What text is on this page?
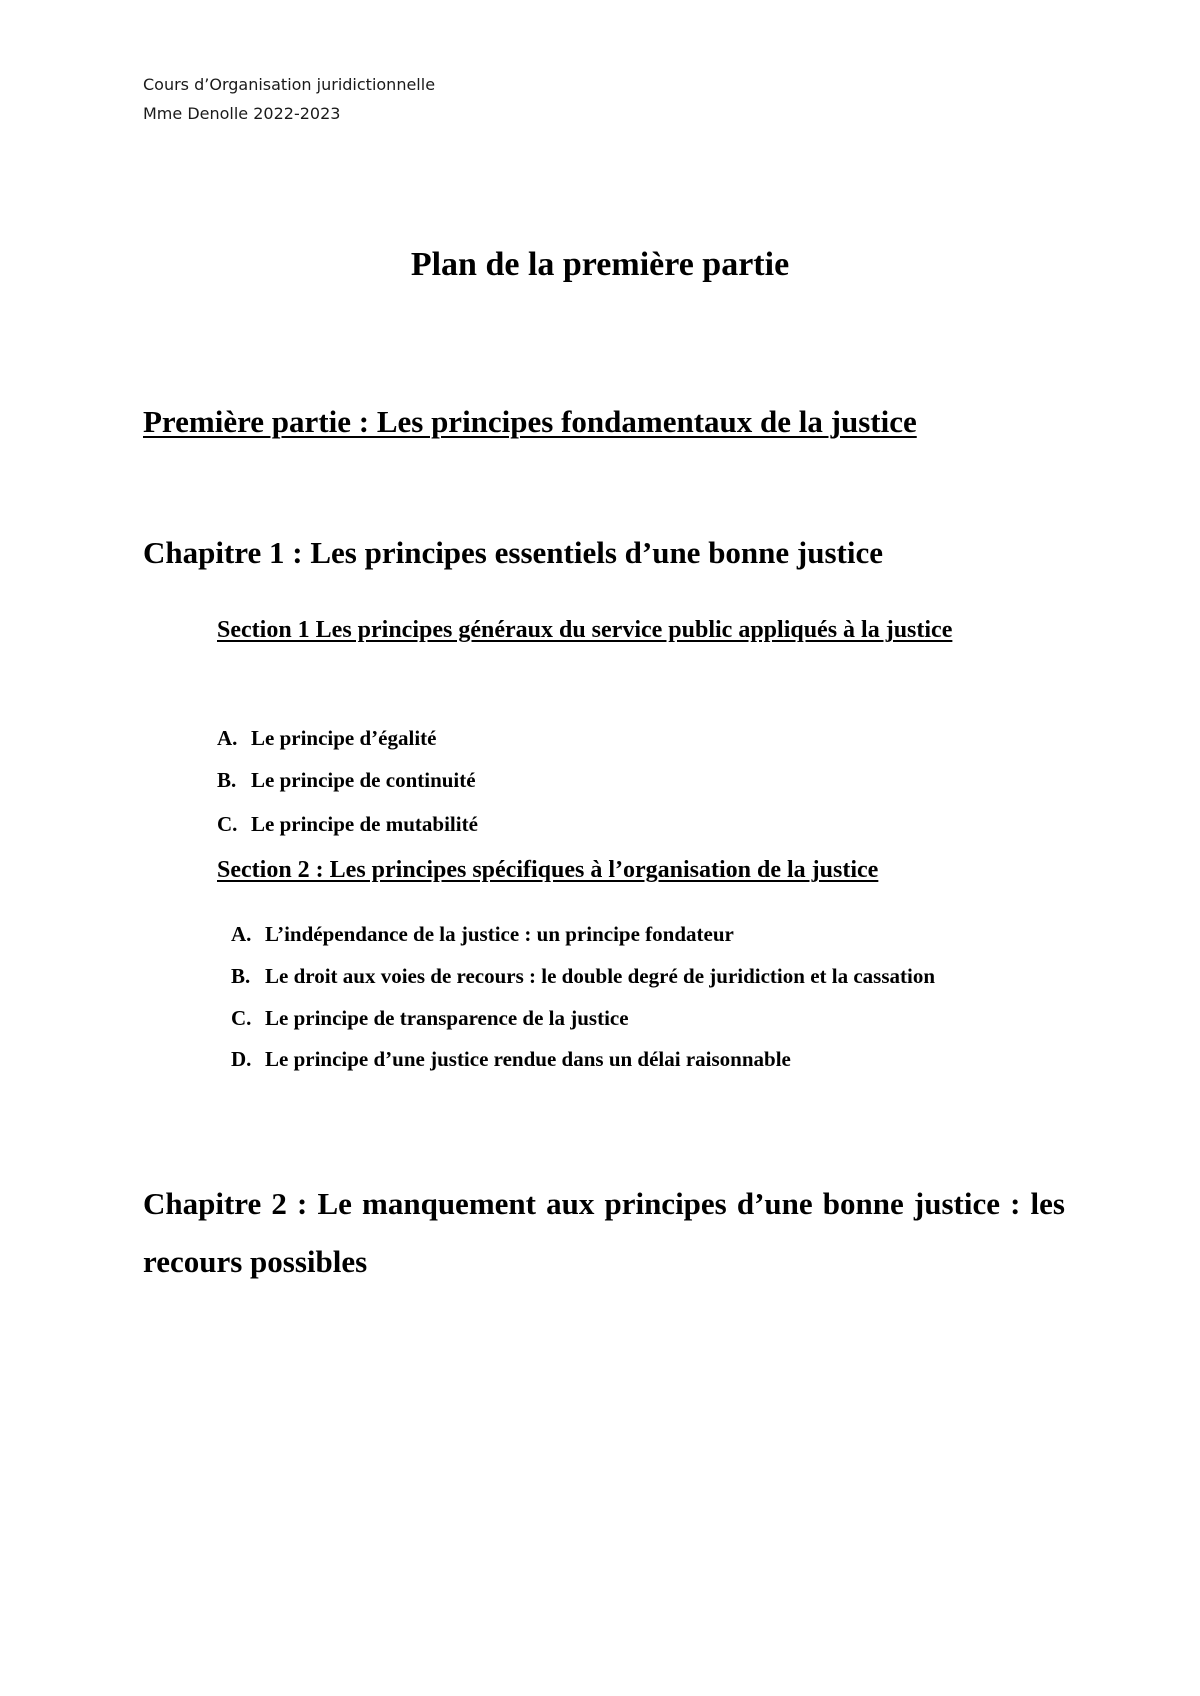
Cours d’Organisation juridictionnelle
Mme Denolle 2022-2023
Plan de la première partie
Première partie : Les principes fondamentaux de la justice
Chapitre 1 : Les principes essentiels d’une bonne justice
Section 1 Les principes généraux du service public appliqués à la justice
A. Le principe d’égalité
B. Le principe de continuité
C. Le principe de mutabilité
Section 2 : Les principes spécifiques à l’organisation de la justice
A. L’indépendance de la justice : un principe fondateur
B. Le droit aux voies de recours : le double degré de juridiction et la cassation
C. Le principe de transparence de la justice
D. Le principe d’une justice rendue dans un délai raisonnable
Chapitre 2 : Le manquement aux principes d’une bonne justice : les recours possibles
